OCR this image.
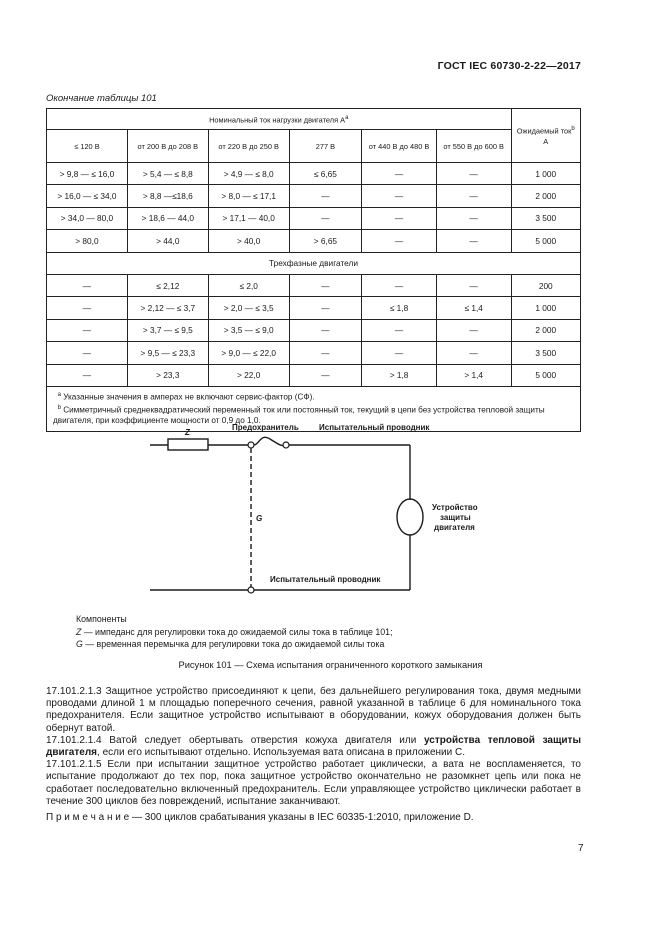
ГОСТ IEC 60730-2-22—2017
Окончание таблицы 101
Номинальный ток нагрузки двигателя $А^a$						Ожидаемый ток$^b$
А
≤ 120 В	от 200 В до 208 В	от 220 В до 250 В	277 В	от 440 В до 480 В	от 550 В до 600 В	
> 9,8 — ≤ 16,0	> 5,4 — ≤ 8,8	> 4,9 — ≤ 8,0	≤ 6,65	—	—	1 000
> 16,0 — ≤ 34,0	> 8,8 —≤18,6	> 8,0 — ≤ 17,1	—	—	—	2 000
> 34,0 — 80,0	> 18,6 — 44,0	> 17,1 — 40,0	—	—	—	3 500
> 80,0	> 44,0	> 40,0	> 6,65	—	—	5 000
Трехфазные двигатели						
—	≤ 2,12	≤ 2,0	—	—	—	200
—	> 2,12 — ≤ 3,7	> 2,0 — ≤ 3,5	—	≤ 1,8	≤ 1,4	1 000
—	> 3,7 — ≤ 9,5	> 3,5 — ≤ 9,0	—	—	—	2 000
—	> 9,5 — ≤ 23,3	> 9,0 — ≤ 22,0	—	—	—	3 500
—	> 23,3	> 22,0	—	> 1,8	> 1,4	5 000

$^a$ Указанные значения в амперах не включают сервис-фактор (СФ).
$^b$ Симметричный среднеквадратический переменный ток или постоянный ток, текущий в цепи без устройства тепловой защиты двигателя, при коэффициенте мощности от 0,9 до 1,0.						
Z
Предохранитель	Испытательный проводник
G
Устройство
защиты
двигателя
Испытательный проводник
Компоненты
Z — импеданс для регулировки тока до ожидаемой силы тока в таблице 101;
G — временная перемычка для регулировки тока до ожидаемой силы тока
Рисунок 101 — Схема испытания ограниченного короткого замыкания

17.101.2.1.3 Защитное устройство присоединяют к цепи, без дальнейшего регулирования тока, двумя медными проводами длиной 1 м площадью поперечного сечения, равной указанной в таблице 6 для номинального тока предохранителя. Если защитное устройство испытывают в оборудовании, кожух оборудования должен быть обернут ватой.

17.101.2.1.4 Ватой следует обертывать отверстия кожуха двигателя или устройства тепловой защиты двигателя, если его испытывают отдельно. Используемая вата описана в приложении С.

17.101.2.1.5 Если при испытании защитное устройство работает циклически, а вата не воспламеняется, то испытание продолжают до тех пор, пока защитное устройство окончательно не разомкнет цепь или пока не сработает последовательно включенный предохранитель. Если управляющее устройство циклически работает в течение 300 циклов без повреждений, испытание заканчивают.

П р и м е ч а н и е — 300 циклов срабатывания указаны в IEC 60335-1:2010, приложение D.

7
